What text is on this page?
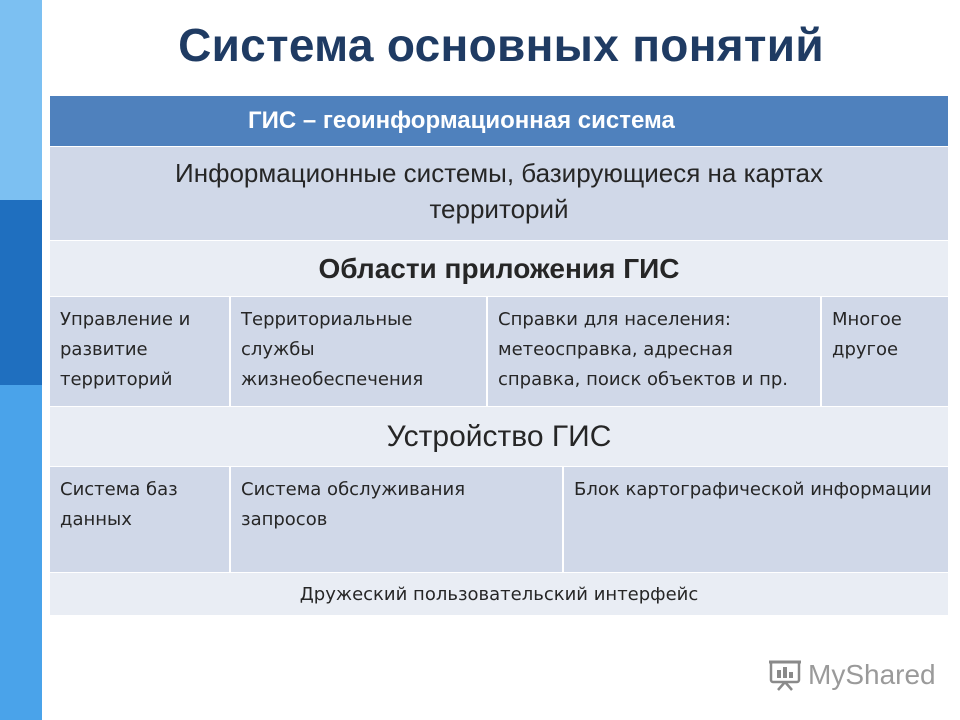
Система основных понятий
ГИС – геоинформационная система
Информационные системы, базирующиеся на картах территорий
Области приложения ГИС
Управление и развитие территорий
Территориальные службы жизнеобеспечения
Справки для населения: метеосправка, адресная справка, поиск объектов и пр.
Многое другое
Устройство ГИС
Система баз данных
Система обслуживания запросов
Блок картографической информации
Дружеский пользовательский интерфейс
MyShared
